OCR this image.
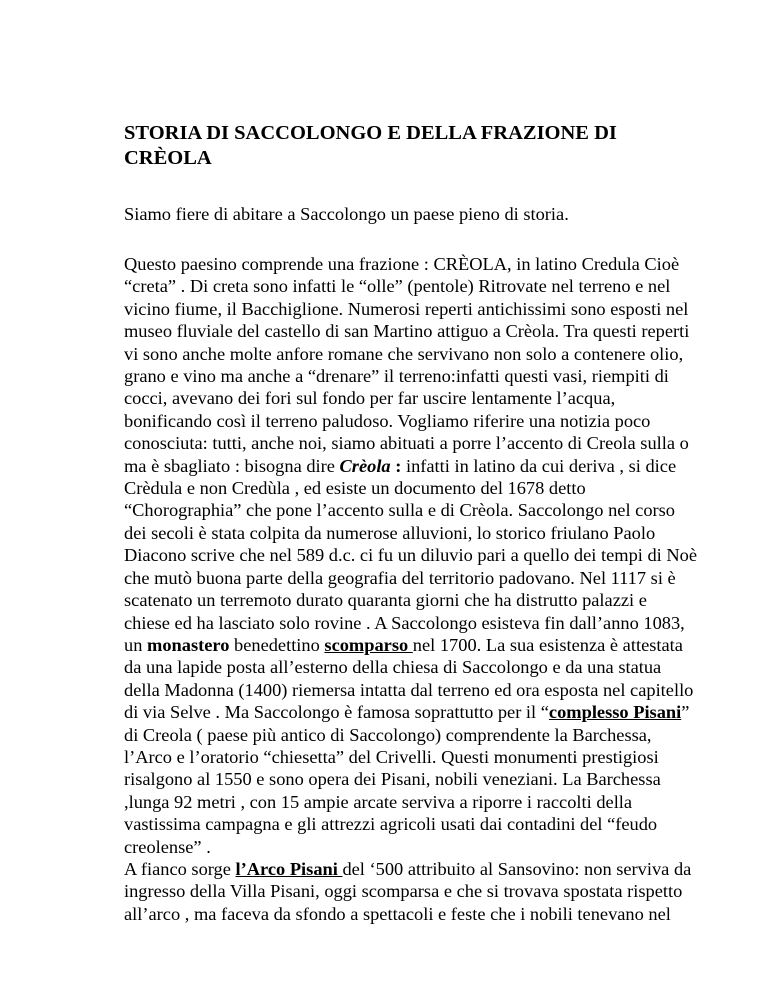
STORIA DI SACCOLONGO E DELLA FRAZIONE DI
CRÈOLA

Siamo fiere di abitare a Saccolongo un paese pieno di storia.

Questo paesino comprende una frazione : CRÈOLA, in latino Credula Cioè
“creta” . Di creta sono infatti le “olle” (pentole) Ritrovate nel terreno e nel
vicino fiume, il Bacchiglione. Numerosi reperti antichissimi sono esposti nel
museo fluviale del castello di san Martino attiguo a Crèola. Tra questi reperti
vi sono anche molte anfore romane che servivano non solo a contenere olio,
grano e vino ma anche a “drenare” il terreno:infatti questi vasi, riempiti di
cocci, avevano dei fori sul fondo per far uscire lentamente l’acqua,
bonificando così il terreno paludoso. Vogliamo riferire una notizia poco
conosciuta: tutti, anche noi, siamo abituati a porre l’accento di Creola sulla o
ma è sbagliato : bisogna dire Crèola : infatti in latino da cui deriva , si dice
Crèdula e non Credùla , ed esiste un documento del 1678 detto
“Chorographia” che pone l’accento sulla e di Crèola. Saccolongo nel corso
dei secoli è stata colpita da numerose alluvioni, lo storico friulano Paolo
Diacono scrive che nel 589 d.c. ci fu un diluvio pari a quello dei tempi di Noè
che mutò buona parte della geografia del territorio padovano. Nel 1117 si è
scatenato un terremoto durato quaranta giorni che ha distrutto palazzi e
chiese ed ha lasciato solo rovine . A Saccolongo esisteva fin dall’anno 1083,
un monastero benedettino scomparso nel 1700. La sua esistenza è attestata
da una lapide posta all’esterno della chiesa di Saccolongo e da una statua
della Madonna (1400) riemersa intatta dal terreno ed ora esposta nel capitello
di via Selve . Ma Saccolongo è famosa soprattutto per il “complesso Pisani”
di Creola ( paese più antico di Saccolongo) comprendente la Barchessa,
l’Arco e l’oratorio “chiesetta” del Crivelli. Questi monumenti prestigiosi
risalgono al 1550 e sono opera dei Pisani, nobili veneziani. La Barchessa
,lunga 92 metri , con 15 ampie arcate serviva a riporre i raccolti della
vastissima campagna e gli attrezzi agricoli usati dai contadini del “feudo
creolense” .
A fianco sorge l’Arco Pisani del ‘500 attribuito al Sansovino: non serviva da
ingresso della Villa Pisani, oggi scomparsa e che si trovava spostata rispetto
all’arco , ma faceva da sfondo a spettacoli e feste che i nobili tenevano nel
